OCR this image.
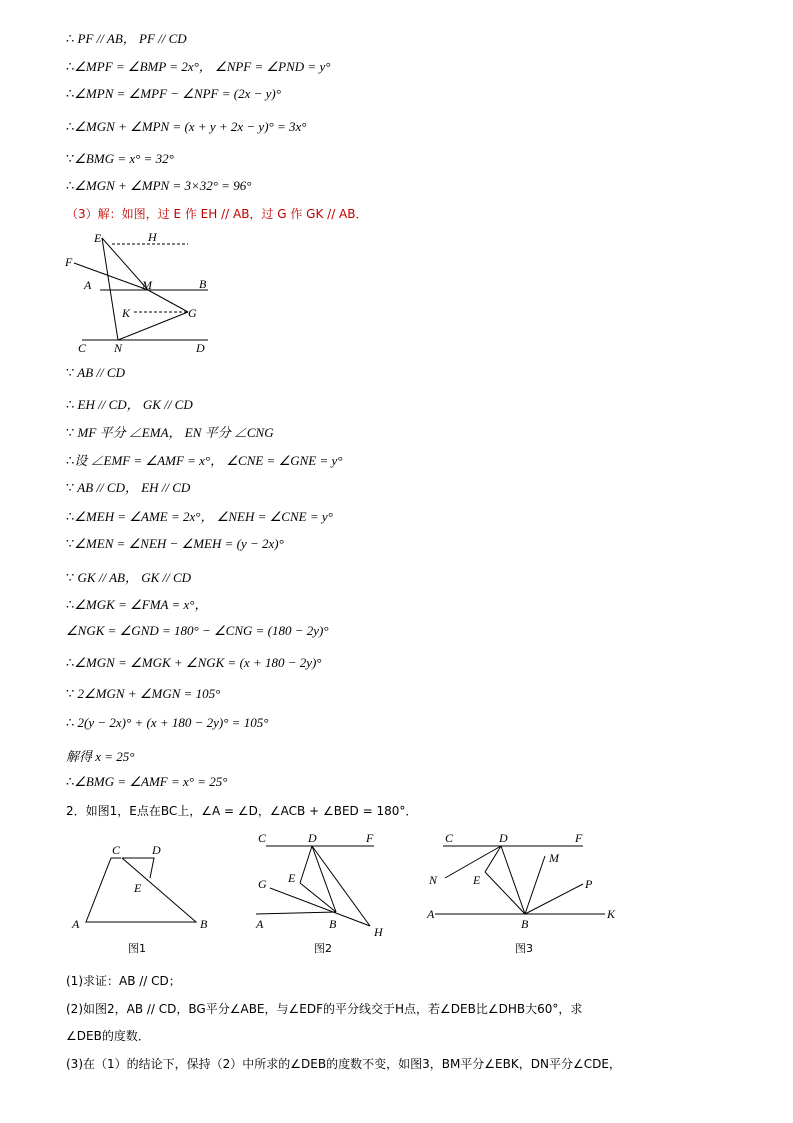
∴ PF // AB， PF // CD
∴∠MPF = ∠BMP = 2x°， ∠NPF = ∠PND = y°
∴∠MPN = ∠MPF − ∠NPF = (2x − y)°
∴∠MGN + ∠MPN = (x + y + 2x − y)° = 3x°
∵∠BMG = x° = 32°
∴∠MGN + ∠MPN = 3×32° = 96°
（3）解：如图，过 E 作 EH // AB，过 G 作 GK // AB．
E	H
F
A	M	B
K	G
C N	D
∵ AB // CD
∴ EH // CD， GK // CD
∵ MF 平分 ∠EMA， EN 平分 ∠CNG
∴设 ∠EMF = ∠AMF = x°， ∠CNE = ∠GNE = y°
∵ AB // CD， EH // CD
∴∠MEH = ∠AME = 2x°， ∠NEH = ∠CNE = y°
∵∠MEN = ∠NEH − ∠MEH = (y − 2x)°
∵ GK // AB， GK // CD
∴∠MGK = ∠FMA = x°，
∠NGK = ∠GND = 180° − ∠CNG = (180 − 2y)°
∴∠MGN = ∠MGK + ∠NGK = (x + 180 − 2y)°
∵ 2∠MGN + ∠MGN = 105°
∴ 2(y − 2x)° + (x + 180 − 2y)° = 105°
解得 x = 25°
∴∠BMG = ∠AMF = x° = 25°
2．如图1，E点在BC上，∠A = ∠D，∠ACB + ∠BED = 180°．
C	D
E
A	B
图1
C	D	F
E
G
A	B
H
图2
C	D	F
M
N	E	P
A
B
K
图3
(1)求证：AB // CD；
(2)如图2，AB // CD，BG平分∠ABE，与∠EDF的平分线交于H点，若∠DEB比∠DHB大60°，求
∠DEB的度数．
(3)在（1）的结论下，保持（2）中所求的∠DEB的度数不变，如图3，BM平分∠EBK，DN平分∠CDE，
